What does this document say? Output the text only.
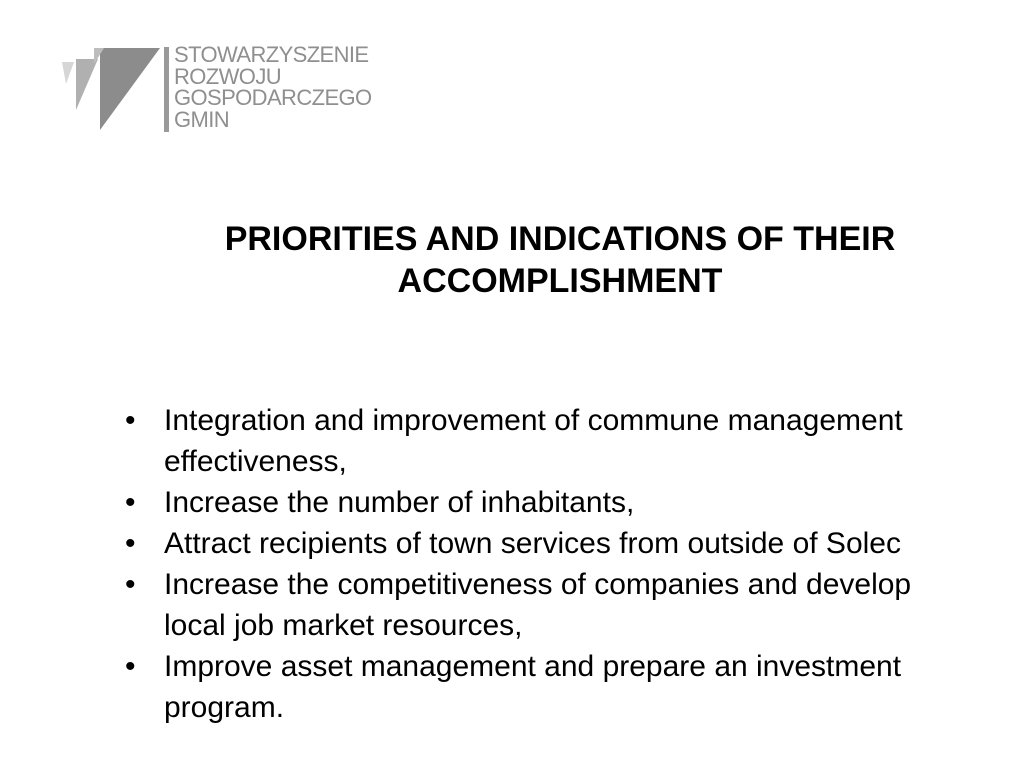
STOWARZYSZENIE
ROZWOJU
GOSPODARCZEGO
GMIN
PRIORITIES AND INDICATIONS OF THEIR ACCOMPLISHMENT
• Integration and improvement of commune management effectiveness,
• Increase the number of inhabitants,
• Attract recipients of town services from outside of Solec
• Increase the competitiveness of companies and develop local job market resources,
• Improve asset management and prepare an investment program.
